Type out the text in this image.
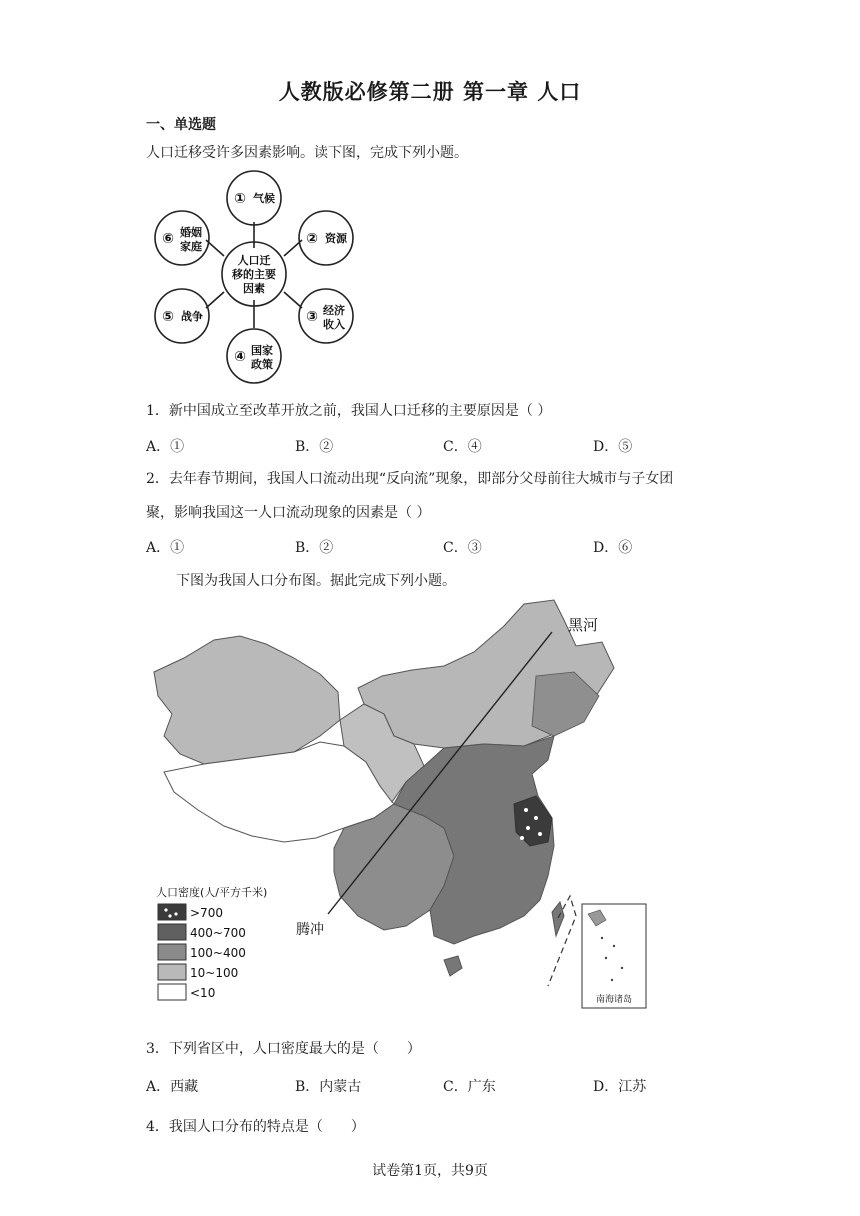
人教版必修第二册 第一章 人口
一、单选题
人口迁移受许多因素影响。读下图，完成下列小题。
人口迁
移的主要
因素
① 气候
② 资源
③ 经济
收入
④ 国家
政策
⑤ 战争
⑥ 婚姻
家庭
1．新中国成立至改革开放之前，我国人口迁移的主要原因是（ ）
A．①	B．②	C．④	D．⑤
2．去年春节期间，我国人口流动出现“反向流”现象，即部分父母前往大城市与子女团
聚，影响我国这一人口流动现象的因素是（ ）
A．①	B．②	C．③	D．⑥
下图为我国人口分布图。据此完成下列小题。
黑河
腾冲
南海诸岛
人口密度(人/平方千米)
>700
400~700
100~400
10~100
<10
3．下列省区中，人口密度最大的是（　　）
A．西藏	B．内蒙古	C．广东	D．江苏
4．我国人口分布的特点是（　　）
试卷第1页，共9页
